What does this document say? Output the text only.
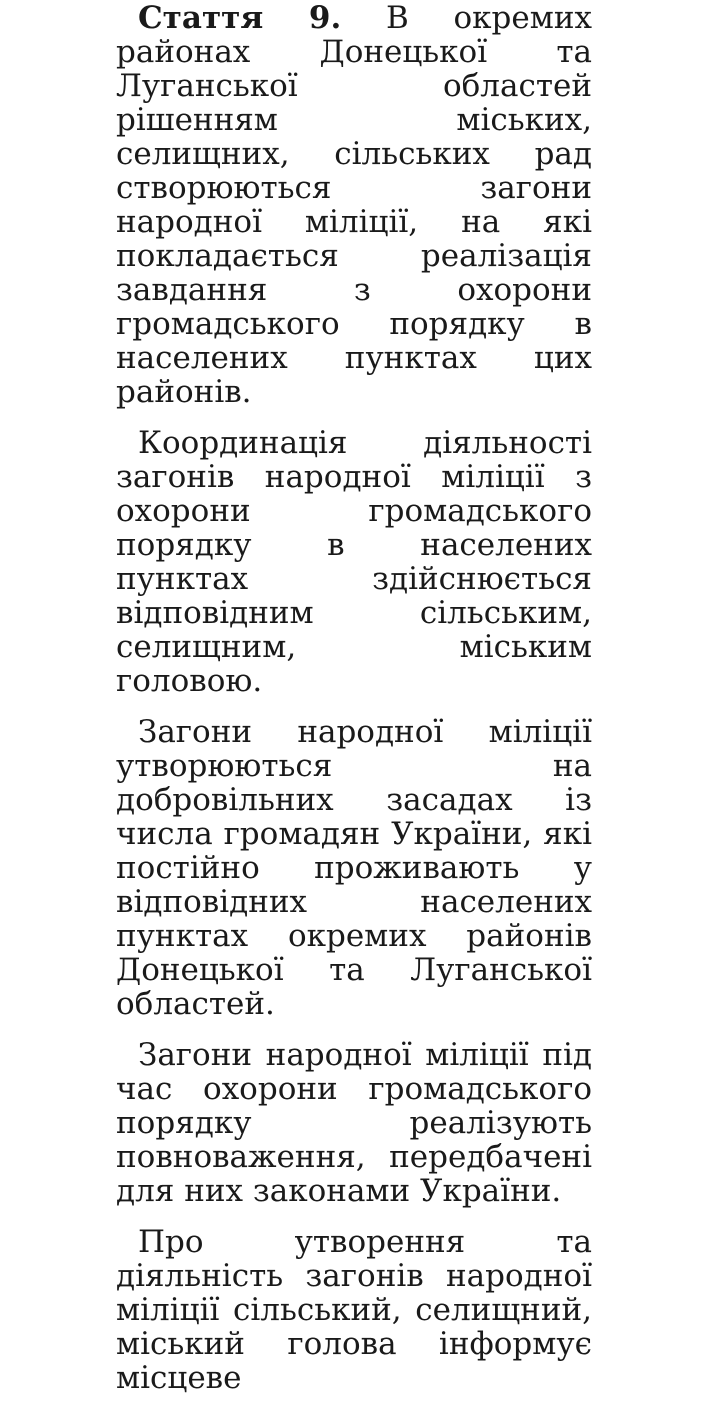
Стаття 9. В окремих районах Донецької та Луганської областей рішенням міських, селищних, сільських рад створюються загони народної міліції, на які покладається реалізація завдання з охорони громадського порядку в населених пунктах цих районів.

Координація діяльності загонів народної міліції з охорони громадського порядку в населених пунктах здійснюється відповідним сільським, селищним, міським головою.

Загони народної міліції утворюються на добровільних засадах із числа громадян України, які постійно проживають у відповідних населених пунктах окремих районів Донецької та Луганської областей.

Загони народної міліції під час охорони громадського порядку реалізують повноваження, передбачені для них законами України.

Про утворення та діяльність загонів народної міліції сільський, селищний, міський голова інформує місцеве
